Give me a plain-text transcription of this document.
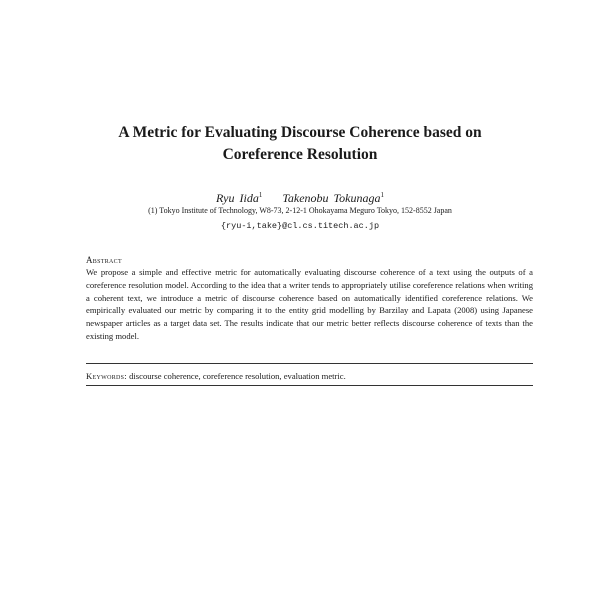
A Metric for Evaluating Discourse Coherence based on
Coreference Resolution

Ryu Iida$^1$ Takenobu Tokunaga$^1$

(1) Tokyo Institute of Technology, W8-73, 2-12-1 Ohokayama Meguro Tokyo, 152-8552 Japan

{ryu-i,take}@cl.cs.titech.ac.jp

Abstract

We propose a simple and effective metric for automatically evaluating discourse coherence of a text using the outputs of a coreference resolution model. According to the idea that a writer tends to appropriately utilise coreference relations when writing a coherent text, we introduce a metric of discourse coherence based on automatically identified coreference relations. We empirically evaluated our metric by comparing it to the entity grid modelling by Barzilay and Lapata (2008) using Japanese newspaper articles as a target data set. The results indicate that our metric better reflects discourse coherence of texts than the existing model.

Keywords: discourse coherence, coreference resolution, evaluation metric.
